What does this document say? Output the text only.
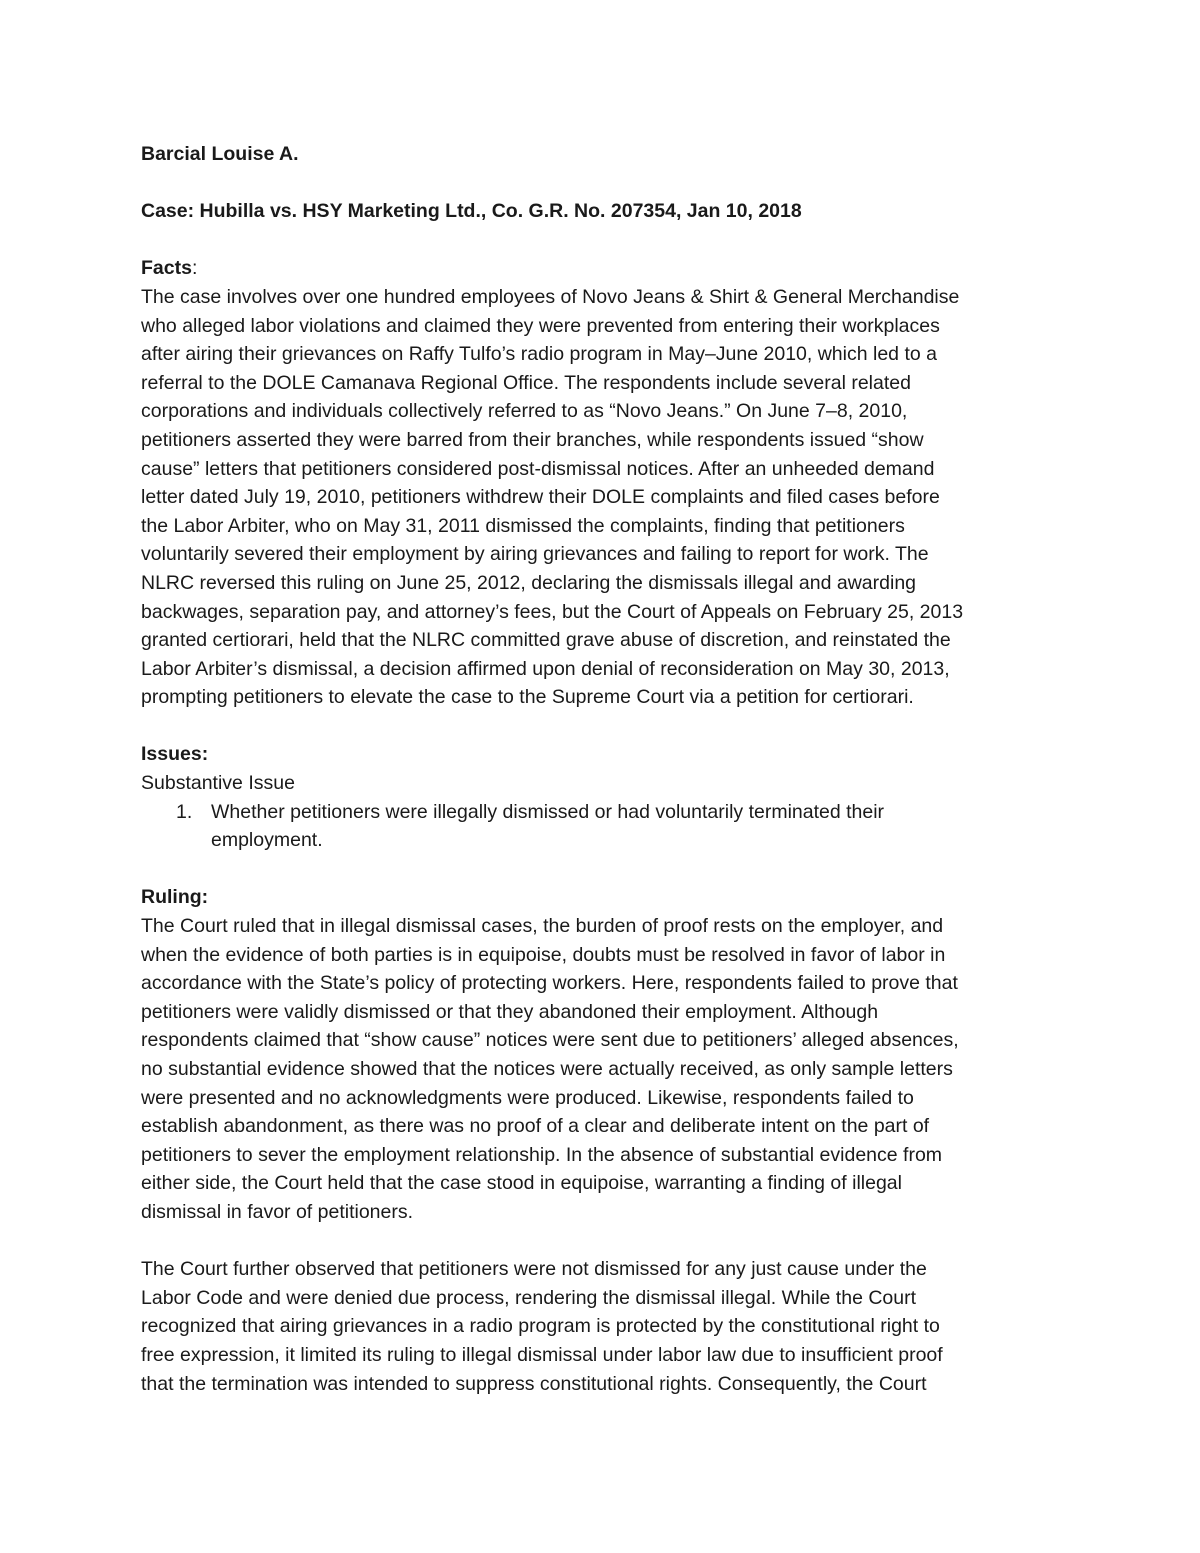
Barcial Louise A.
Case: Hubilla vs. HSY Marketing Ltd., Co. G.R. No. 207354, Jan 10, 2018
Facts:
The case involves over one hundred employees of Novo Jeans & Shirt & General Merchandise
who alleged labor violations and claimed they were prevented from entering their workplaces
after airing their grievances on Raffy Tulfo’s radio program in May–June 2010, which led to a
referral to the DOLE Camanava Regional Office. The respondents include several related
corporations and individuals collectively referred to as “Novo Jeans.” On June 7–8, 2010,
petitioners asserted they were barred from their branches, while respondents issued “show
cause” letters that petitioners considered post-dismissal notices. After an unheeded demand
letter dated July 19, 2010, petitioners withdrew their DOLE complaints and filed cases before
the Labor Arbiter, who on May 31, 2011 dismissed the complaints, finding that petitioners
voluntarily severed their employment by airing grievances and failing to report for work. The
NLRC reversed this ruling on June 25, 2012, declaring the dismissals illegal and awarding
backwages, separation pay, and attorney’s fees, but the Court of Appeals on February 25, 2013
granted certiorari, held that the NLRC committed grave abuse of discretion, and reinstated the
Labor Arbiter’s dismissal, a decision affirmed upon denial of reconsideration on May 30, 2013,
prompting petitioners to elevate the case to the Supreme Court via a petition for certiorari.
Issues:
Substantive Issue
1. Whether petitioners were illegally dismissed or had voluntarily terminated their
employment.
Ruling:
The Court ruled that in illegal dismissal cases, the burden of proof rests on the employer, and
when the evidence of both parties is in equipoise, doubts must be resolved in favor of labor in
accordance with the State’s policy of protecting workers. Here, respondents failed to prove that
petitioners were validly dismissed or that they abandoned their employment. Although
respondents claimed that “show cause” notices were sent due to petitioners’ alleged absences,
no substantial evidence showed that the notices were actually received, as only sample letters
were presented and no acknowledgments were produced. Likewise, respondents failed to
establish abandonment, as there was no proof of a clear and deliberate intent on the part of
petitioners to sever the employment relationship. In the absence of substantial evidence from
either side, the Court held that the case stood in equipoise, warranting a finding of illegal
dismissal in favor of petitioners.
The Court further observed that petitioners were not dismissed for any just cause under the
Labor Code and were denied due process, rendering the dismissal illegal. While the Court
recognized that airing grievances in a radio program is protected by the constitutional right to
free expression, it limited its ruling to illegal dismissal under labor law due to insufficient proof
that the termination was intended to suppress constitutional rights. Consequently, the Court
